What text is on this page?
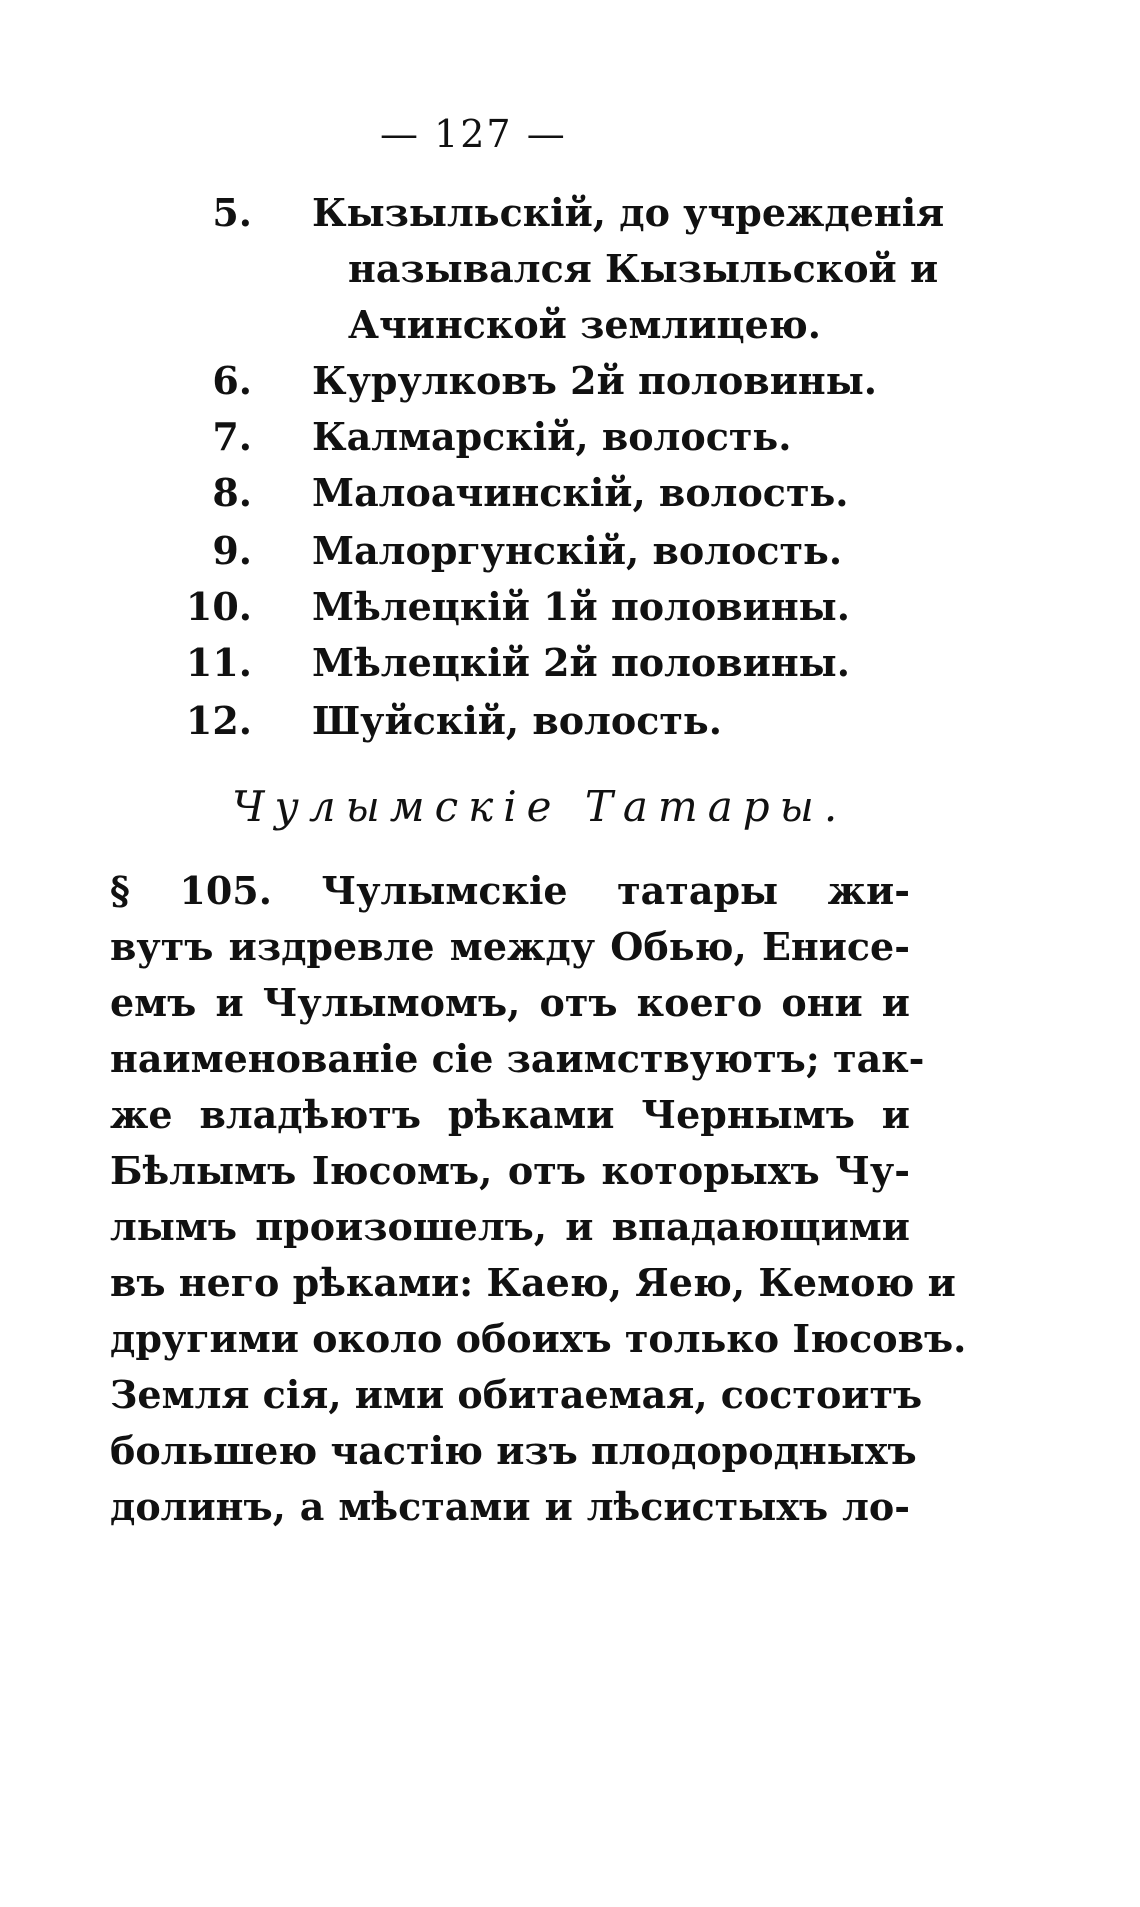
— 127 —
5. Кызыльскій, до учрежденія
назывался Кызыльской и
Ачинской землицею.
6. Курулковъ 2й половины.
7. Калмарскій, волость.
8. Малоачинскій, волость.
9. Малоргунскій, волость.
10. Мѣлецкій 1й половины.
11. Мѣлецкій 2й половины.
12. Шуйскій, волость.
Чулымскіе Татары.
§ 105. Чулымскіе татары жи-
вутъ издревле между Обью, Енисе-
емъ и Чулымомъ, отъ коего они и
наименованіе сіе заимствуютъ; так-
же владѣютъ рѣками Чернымъ и
Бѣлымъ Іюсомъ, отъ которыхъ Чу-
лымъ произошелъ, и впадающими
въ него рѣками: Каею, Яею, Кемою и
другими около обоихъ только Іюсовъ.
Земля сія, ими обитаемая, состоитъ
большею частію изъ плодородныхъ
долинъ, а мѣстами и лѣсистыхъ ло-
